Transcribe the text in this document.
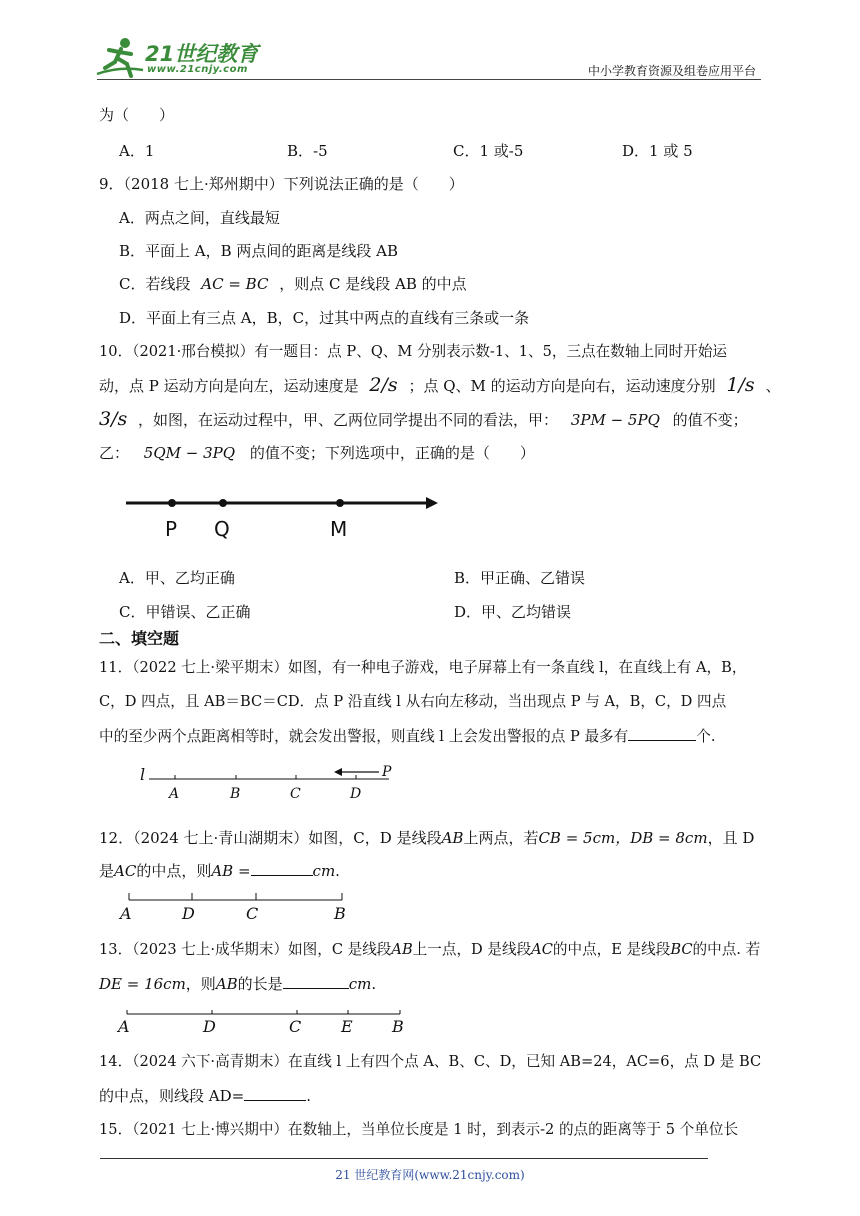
21世纪教育
www.21cnjy.com	中小学教育资源及组卷应用平台
为（　　）
A．1	B．-5	C．1 或-5	D．1 或 5
9．（2018 七上·郑州期中）下列说法正确的是（　　）
A．两点之间，直线最短
B．平面上 A，B 两点间的距离是线段 AB
C．若线段 AC = BC ，则点 C 是线段 AB 的中点
D．平面上有三点 A，B，C，过其中两点的直线有三条或一条
10．（2021·邢台模拟）有一题目：点 P、Q、M 分别表示数-1、1、5，三点在数轴上同时开始运
动，点 P 运动方向是向左，运动速度是 2/s ；点 Q、M 的运动方向是向右，运动速度分别 1/s 、
3/s ，如图，在运动过程中，甲、乙两位同学提出不同的看法，甲： 3PM − 5PQ 的值不变；
乙： 5QM − 3PQ 的值不变；下列选项中，正确的是（　　）
P Q	M
A．甲、乙均正确	B．甲正确、乙错误
C．甲错误、乙正确	D．甲、乙均错误
二、填空题
11．（2022 七上·梁平期末）如图，有一种电子游戏，电子屏幕上有一条直线 l，在直线上有 A，B，
C，D 四点，且 AB＝BC＝CD．点 P 沿直线 l 从右向左移动，当出现点 P 与 A，B，C，D 四点
中的至少两个点距离相等时，就会发出警报，则直线 l 上会发出警报的点 P 最多有	个.
l
A	B	C	D
P
12．（2024 七上·青山湖期末）如图，C，D 是线段AB上两点，若CB = 5cm，DB = 8cm，且 D
是AC的中点，则AB =	cm.
A	D	C	B
13．（2023 七上·成华期末）如图，C 是线段AB上一点，D 是线段AC的中点，E 是线段BC的中点. 若
DE = 16cm，则AB的长是	cm.
A	D	C E B
14．（2024 六下·高青期末）在直线 l 上有四个点 A、B、C、D，已知 AB=24，AC=6，点 D 是 BC
的中点，则线段 AD=	.
15．（2021 七上·博兴期中）在数轴上，当单位长度是 1 时，到表示-2 的点的距离等于 5 个单位长
21 世纪教育网(www.21cnjy.com)
